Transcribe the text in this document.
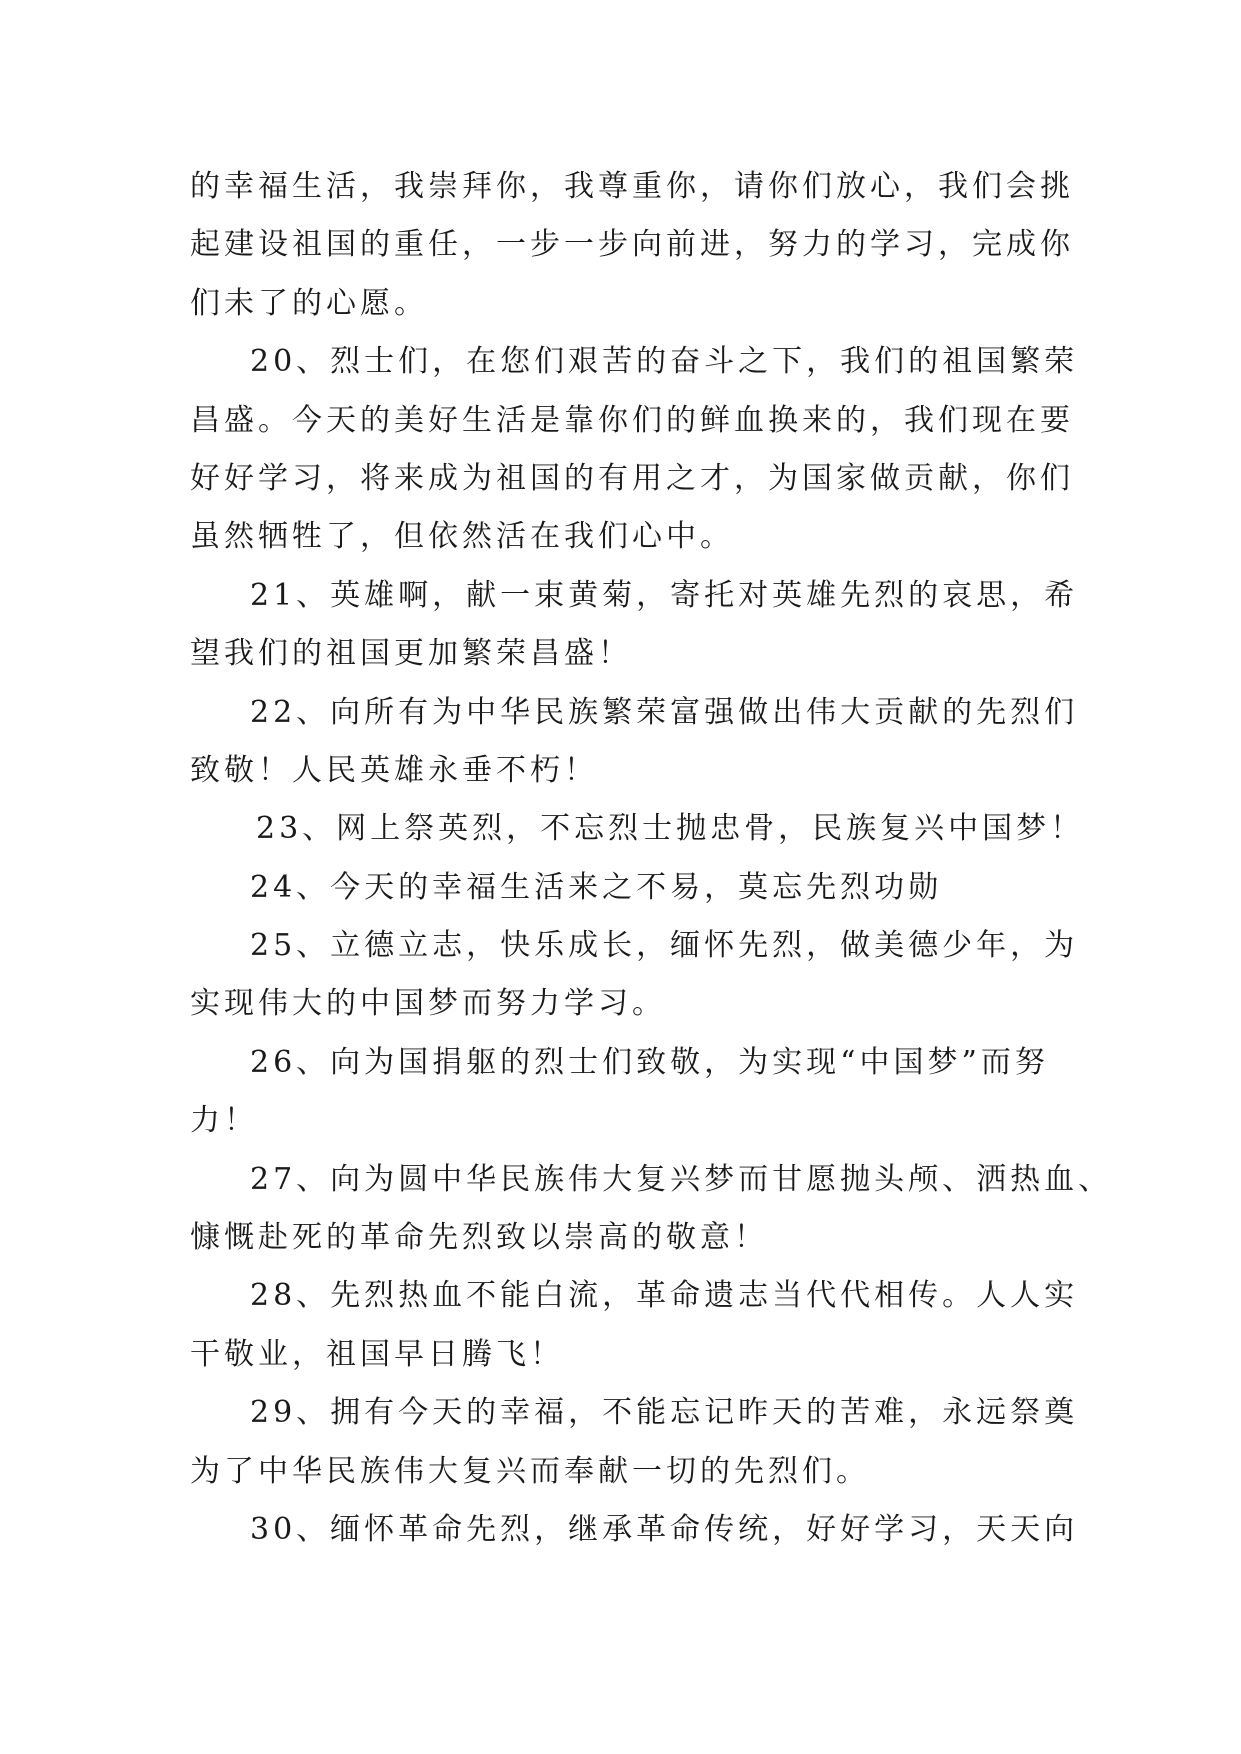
的幸福生活，我崇拜你，我尊重你，请你们放心，我们会挑
起建设祖国的重任，一步一步向前进，努力的学习，完成你
们未了的心愿。
20、烈士们，在您们艰苦的奋斗之下，我们的祖国繁荣
昌盛。今天的美好生活是靠你们的鲜血换来的，我们现在要
好好学习，将来成为祖国的有用之才，为国家做贡献，你们
虽然牺牲了，但依然活在我们心中。
21、英雄啊，献一束黄菊，寄托对英雄先烈的哀思，希
望我们的祖国更加繁荣昌盛！
22、向所有为中华民族繁荣富强做出伟大贡献的先烈们
致敬！人民英雄永垂不朽！
23、网上祭英烈，不忘烈士抛忠骨，民族复兴中国梦！
24、今天的幸福生活来之不易，莫忘先烈功勋
25、立德立志，快乐成长，缅怀先烈，做美德少年，为
实现伟大的中国梦而努力学习。
26、向为国捐躯的烈士们致敬，为实现“中国梦”而努
力！
27、向为圆中华民族伟大复兴梦而甘愿抛头颅、洒热血、
慷慨赴死的革命先烈致以崇高的敬意！
28、先烈热血不能白流，革命遗志当代代相传。人人实
干敬业，祖国早日腾飞！
29、拥有今天的幸福，不能忘记昨天的苦难，永远祭奠
为了中华民族伟大复兴而奉献一切的先烈们。
30、缅怀革命先烈，继承革命传统，好好学习，天天向
